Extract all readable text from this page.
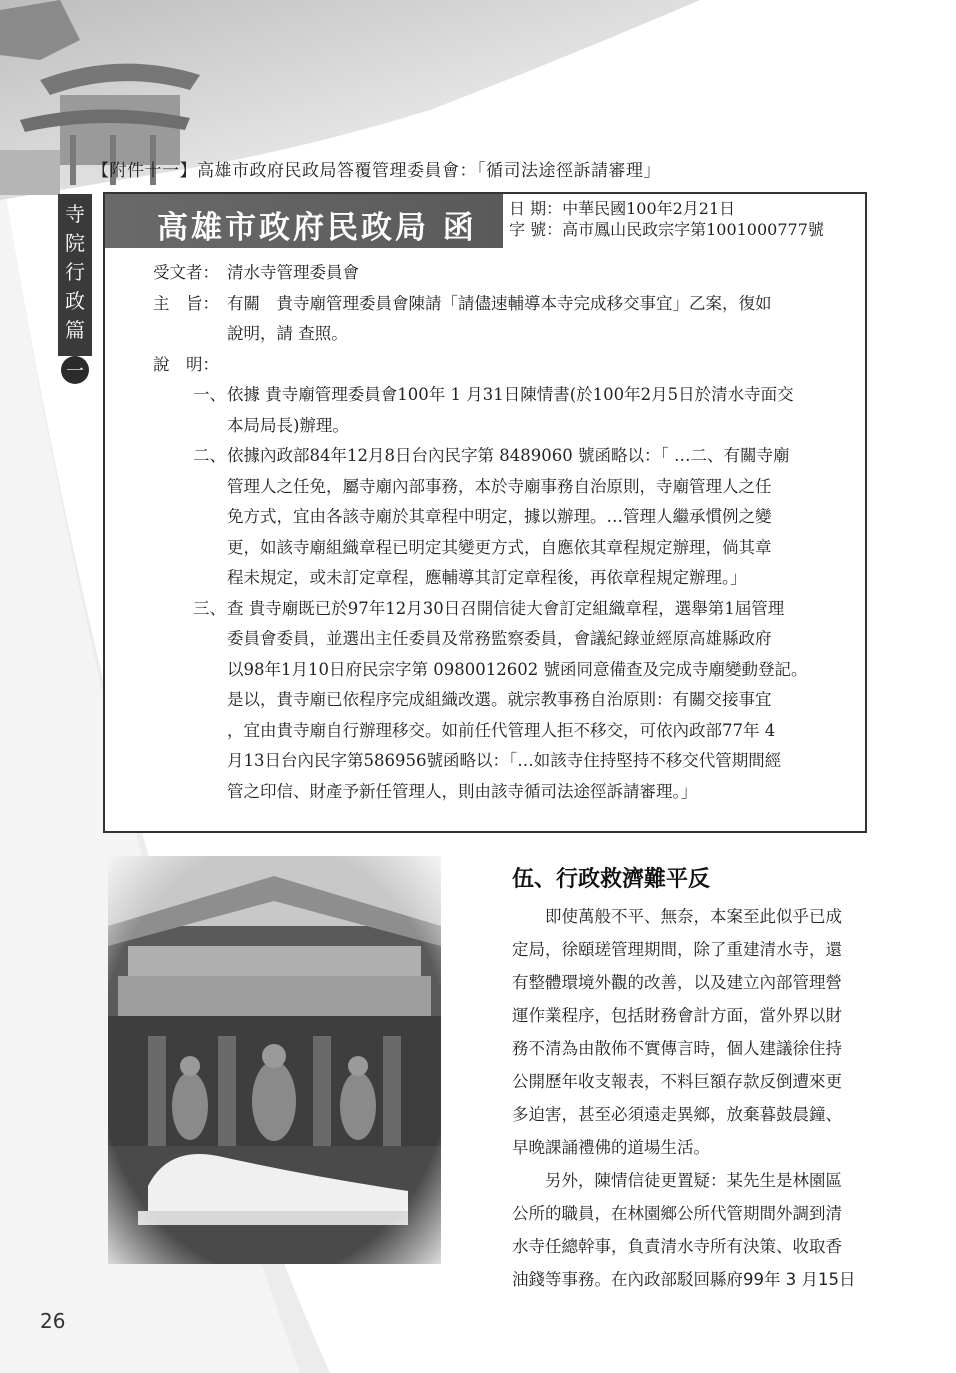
【附件十一】高雄市政府民政局答覆管理委員會：「循司法途徑訴請審理」
寺
院
行
政
篇
一
高雄市政府民政局 函
日 期：中華民國100年2月21日
字 號：高市鳳山民政宗字第1001000777號
受文者： 清水寺管理委員會
主　旨： 有關　貴寺廟管理委員會陳請「請儘速輔導本寺完成移交事宜」乙案，復如
說明，請 查照。
說　明：
一、 依據 貴寺廟管理委員會100年 1 月31日陳情書(於100年2月5日於清水寺面交
本局局長)辦理。
二、 依據內政部84年12月8日台內民字第 8489060 號函略以：「 …二、有關寺廟
管理人之任免，屬寺廟內部事務，本於寺廟事務自治原則，寺廟管理人之任
免方式，宜由各該寺廟於其章程中明定，據以辦理。…管理人繼承慣例之變
更，如該寺廟組織章程已明定其變更方式，自應依其章程規定辦理，倘其章
程未規定，或未訂定章程，應輔導其訂定章程後，再依章程規定辦理。」
三、 查 貴寺廟既已於97年12月30日召開信徒大會訂定組織章程，選舉第1屆管理
委員會委員，並選出主任委員及常務監察委員，會議紀錄並經原高雄縣政府
以98年1月10日府民宗字第 0980012602 號函同意備查及完成寺廟變動登記。
是以，貴寺廟已依程序完成組織改選。就宗教事務自治原則：有關交接事宜
，宜由貴寺廟自行辦理移交。如前任代管理人拒不移交，可依內政部77年 4
月13日台內民字第586956號函略以：「…如該寺住持堅持不移交代管期間經
管之印信、財產予新任管理人，則由該寺循司法途徑訴請審理。」
伍、行政救濟難平反
　　即使萬般不平、無奈，本案至此似乎已成
定局，徐頤瑳管理期間，除了重建清水寺，還
有整體環境外觀的改善，以及建立內部管理營
運作業程序，包括財務會計方面，當外界以財
務不清為由散佈不實傳言時，個人建議徐住持
公開歷年收支報表，不料巨額存款反倒遭來更
多迫害，甚至必須遠走異鄉，放棄暮鼓晨鐘、
早晚課誦禮佛的道場生活。
　　另外，陳情信徒更置疑：某先生是林園區
公所的職員，在林園鄉公所代管期間外調到清
水寺任總幹事，負責清水寺所有決策、收取香
油錢等事務。在內政部駁回縣府99年 3 月15日
26
